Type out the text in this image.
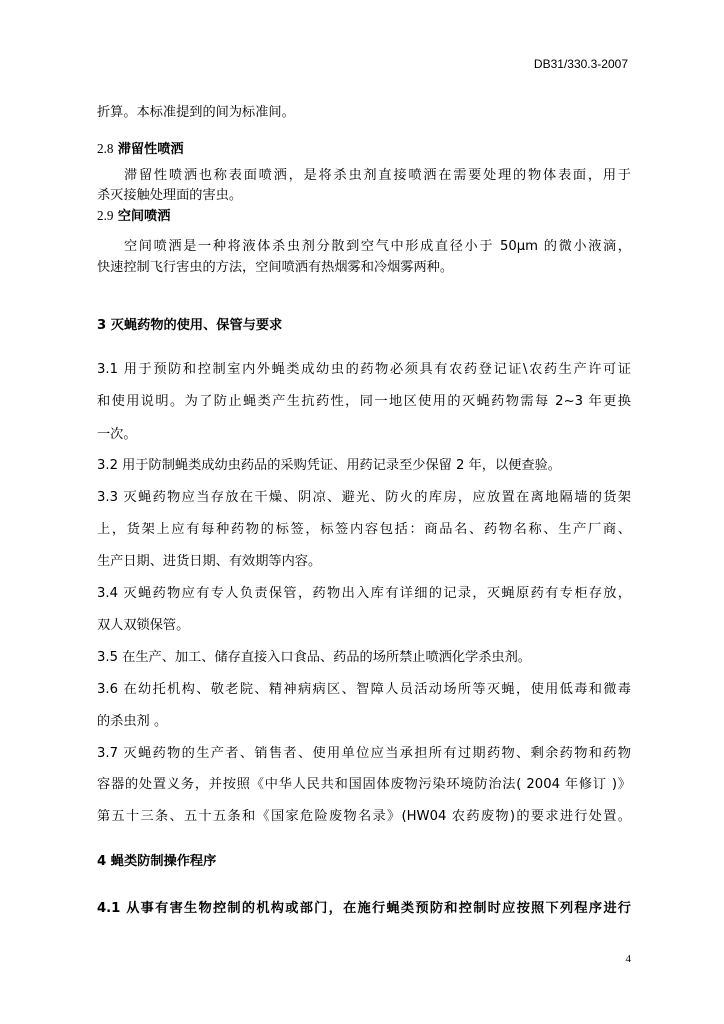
DB31/330.3-2007
折算。本标准提到的间为标准间。
2.8 滞留性喷洒
滞留性喷洒也称表面喷洒，是将杀虫剂直接喷洒在需要处理的物体表面，用于
杀灭接触处理面的害虫。
2.9 空间喷洒
空间喷洒是一种将液体杀虫剂分散到空气中形成直径小于 50μm 的微小液滴，
快速控制飞行害虫的方法，空间喷洒有热烟雾和冷烟雾两种。
3 灭蝇药物的使用、保管与要求
3.1 用于预防和控制室内外蝇类成幼虫的药物必须具有农药登记证\农药生产许可证
和使用说明。为了防止蝇类产生抗药性，同一地区使用的灭蝇药物需每 2~3 年更换
一次。
3.2 用于防制蝇类成幼虫药品的采购凭证、用药记录至少保留 2 年，以便查验。
3.3 灭蝇药物应当存放在干燥、阴凉、避光、防火的库房，应放置在离地隔墙的货架
上，货架上应有每种药物的标签，标签内容包括：商品名、药物名称、生产厂商、
生产日期、进货日期、有效期等内容。
3.4 灭蝇药物应有专人负责保管，药物出入库有详细的记录，灭蝇原药有专柜存放，
双人双锁保管。
3.5 在生产、加工、储存直接入口食品、药品的场所禁止喷洒化学杀虫剂。
3.6 在幼托机构、敬老院、精神病病区、智障人员活动场所等灭蝇，使用低毒和微毒
的杀虫剂 。
3.7 灭蝇药物的生产者、销售者、使用单位应当承担所有过期药物、剩余药物和药物
容器的处置义务，并按照《中华人民共和国固体废物污染环境防治法( 2004 年修订 )》
第五十三条、五十五条和《国家危险废物名录》(HW04 农药废物)的要求进行处置。
4 蝇类防制操作程序
4.1 从事有害生物控制的机构或部门，在施行蝇类预防和控制时应按照下列程序进行
4
